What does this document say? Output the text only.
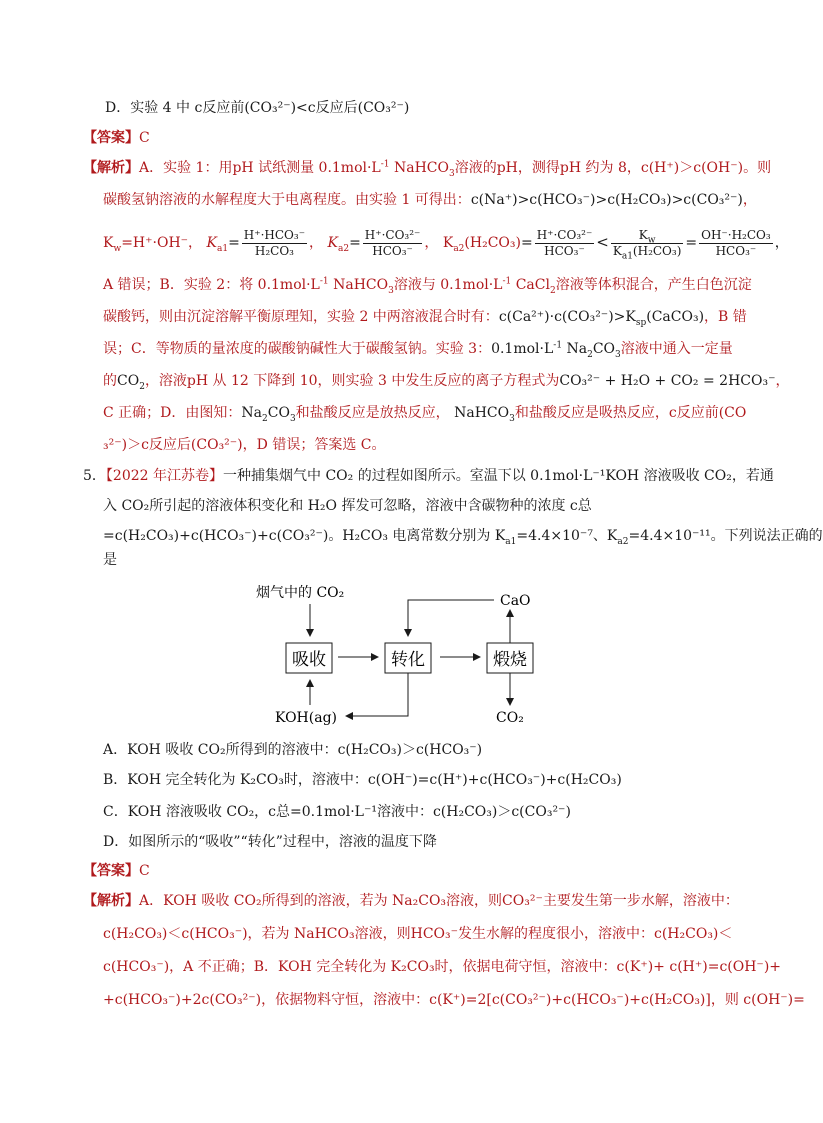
D．实验 4 中 c反应前(CO₃²⁻)<c反应后(CO₃²⁻)
【答案】C
【解析】A．实验 1：用pH 试纸测量 $0.1mol\cdot L^{-1}$ NaHCO$_3$溶液的pH，测得pH 约为 8，c(H⁺)＞c(OH⁻)。则
碳酸氢钠溶液的水解程度大于电离程度。由实验 1 可得出：c(Na⁺)>c(HCO₃⁻)>c(H₂CO₃)>c(CO₃²⁻)，
$K_w=H^+\cdot OH^-$， $K_{a1}=$
H⁺·HCO₃⁻
H₂CO₃	， $K_{a2}=$
H⁺·CO₃²⁻
HCO₃⁻ ， $K_{a2}(H_2CO_3)=$
H⁺·CO₃²⁻
$HCO_3^- < \frac{K_w}{K_{a1}(H_2CO_3)}$ =
OH⁻·H₂CO₃
HCO₃⁻	，
A 错误；B．实验 2：将 $0.1mol\cdot L^{-1}$ NaHCO$_3$溶液与 $0.1mol\cdot L^{-1}$ CaCl$_2$溶液等体积混合，产生白色沉淀
碳酸钙，则由沉淀溶解平衡原理知，实验 2 中两溶液混合时有：$c(Ca^{2+})\cdot c(CO_3^{2-})>K_{sp}(CaCO_3)$，B 错
误；C．等物质的量浓度的碳酸钠碱性大于碳酸氢钠。实验 3：$0.1mol\cdot L^{-1}$ $Na_2CO_3$溶液中通入一定量
的$CO_2$，溶液pH 从 12 下降到 10，则实验 3 中发生反应的离子方程式为CO₃²⁻ + H₂O + CO₂ = 2HCO₃⁻，
C 正确；D．由图知：$Na_2CO_3$和盐酸反应是放热反应， NaHCO$_3$和盐酸反应是吸热反应，c反应前(CO
₃²⁻)＞c反应后(CO₃²⁻)，D 错误；答案选 C。
5．【2022 年江苏卷】一种捕集烟气中 CO₂ 的过程如图所示。室温下以 0.1mol·L⁻¹KOH 溶液吸收 CO₂，若通
入 CO₂所引起的溶液体积变化和 H₂O 挥发可忽略，溶液中含碳物种的浓度 c总
=c(H₂CO₃)+c(HCO₃⁻)+c(CO₃²⁻)。H₂CO₃ 电离常数分别为 $K_{a1}=4.4\times 10^{-7}$、$K_{a2}=4.4\times 10^{-11}$。下列说法正确的
是
烟气中的 CO₂
吸收	转化	煅烧
CaO
CO₂
KOH(ag)
A．KOH 吸收 CO₂所得到的溶液中：c(H₂CO₃)＞c(HCO₃⁻)
B．KOH 完全转化为 K₂CO₃时，溶液中：c(OH⁻)=c(H⁺)+c(HCO₃⁻)+c(H₂CO₃)
C．KOH 溶液吸收 CO₂，c总=0.1mol·L⁻¹溶液中：c(H₂CO₃)＞c(CO₃²⁻)
D．如图所示的“吸收”“转化”过程中，溶液的温度下降
【答案】C
【解析】A．KOH 吸收 CO₂所得到的溶液，若为 Na₂CO₃溶液，则CO₃²⁻主要发生第一步水解，溶液中：
c(H₂CO₃)＜c(HCO₃⁻)，若为 NaHCO₃溶液，则HCO₃⁻发生水解的程度很小，溶液中：c(H₂CO₃)＜
c(HCO₃⁻)，A 不正确；B．KOH 完全转化为 K₂CO₃时，依据电荷守恒，溶液中：c(K⁺)+ c(H⁺)=c(OH⁻)+
+c(HCO₃⁻)+2c(CO₃²⁻)，依据物料守恒，溶液中：c(K⁺)=2[c(CO₃²⁻)+c(HCO₃⁻)+c(H₂CO₃)]，则 c(OH⁻)=
